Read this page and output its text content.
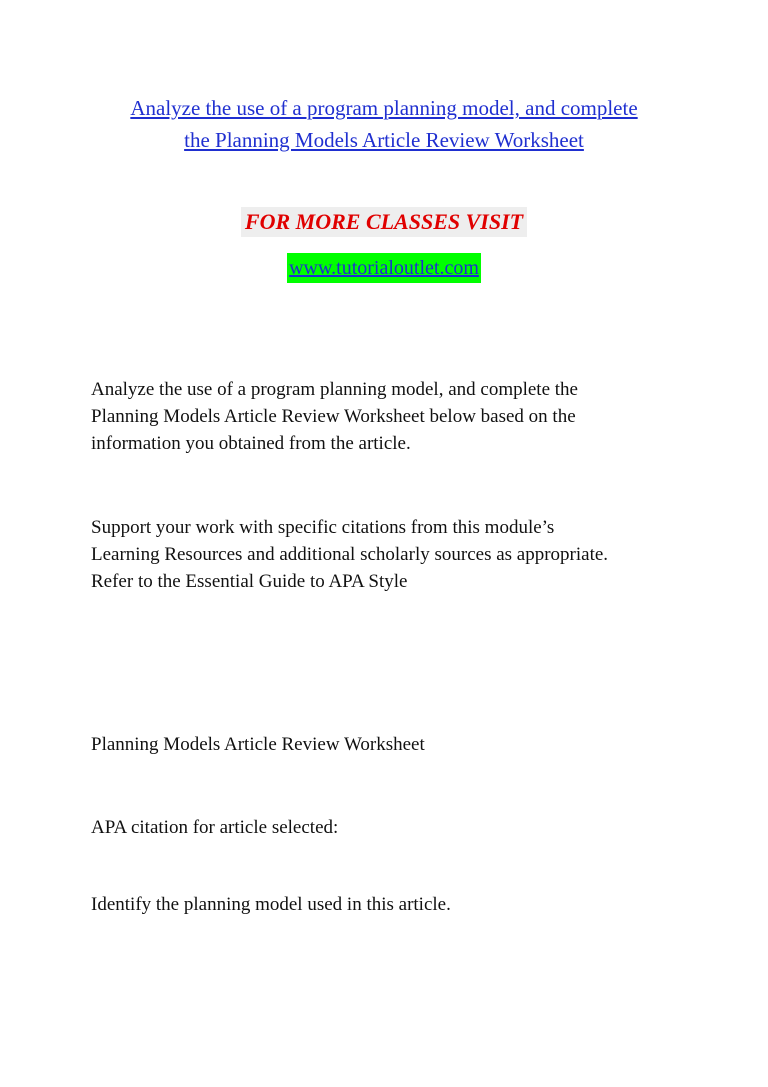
Analyze the use of a program planning model, and complete
the Planning Models Article Review Worksheet
FOR MORE CLASSES VISIT
www.tutorialoutlet.com

Analyze the use of a program planning model, and complete the
Planning Models Article Review Worksheet below based on the
information you obtained from the article.

Support your work with specific citations from this module’s
Learning Resources and additional scholarly sources as appropriate.
Refer to the Essential Guide to APA Style

Planning Models Article Review Worksheet

APA citation for article selected:

Identify the planning model used in this article.
